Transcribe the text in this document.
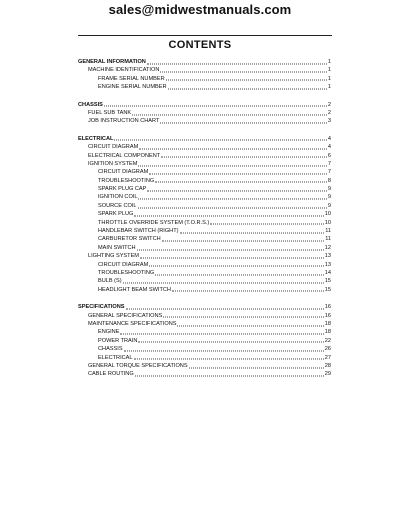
sales@midwestmanuals.com
CONTENTS
GENERAL INFORMATION	1
MACHINE IDENTIFICATION	1
FRAME SERIAL NUMBER	1
ENGINE SERIAL NUMBER	1
CHASSIS	2
FUEL SUB TANK	2
JOB INSTRUCTION CHART	3
ELECTRICAL	4
CIRCUIT DIAGRAM	4
ELECTRICAL COMPONENT	6
IGNITION SYSTEM	7
CIRCUIT DIAGRAM	7
TROUBLESHOOTING	8
SPARK PLUG CAP	9
IGNITION COIL	9
SOURCE COIL	9
SPARK PLUG	10
THROTTLE OVERRIDE SYSTEM (T.O.R.S.)	10
HANDLEBAR SWITCH (RIGHT)	11
CARBURETOR SWITCH	11
MAIN SWITCH	12
LIGHTING SYSTEM	13
CIRCUIT DIAGRAM	13
TROUBLESHOOTING	14
BULB (S)	15
HEADLIGHT BEAM SWITCH	15
SPECIFICATIONS	16
GENERAL SPECIFICATIONS	16
MAINTENANCE SPECIFICATIONS	18
ENGINE	18
POWER TRAIN	22
CHASSIS	26
ELECTRICAL	27
GENERAL TORQUE SPECIFICATIONS	28
CABLE ROUTING	29
